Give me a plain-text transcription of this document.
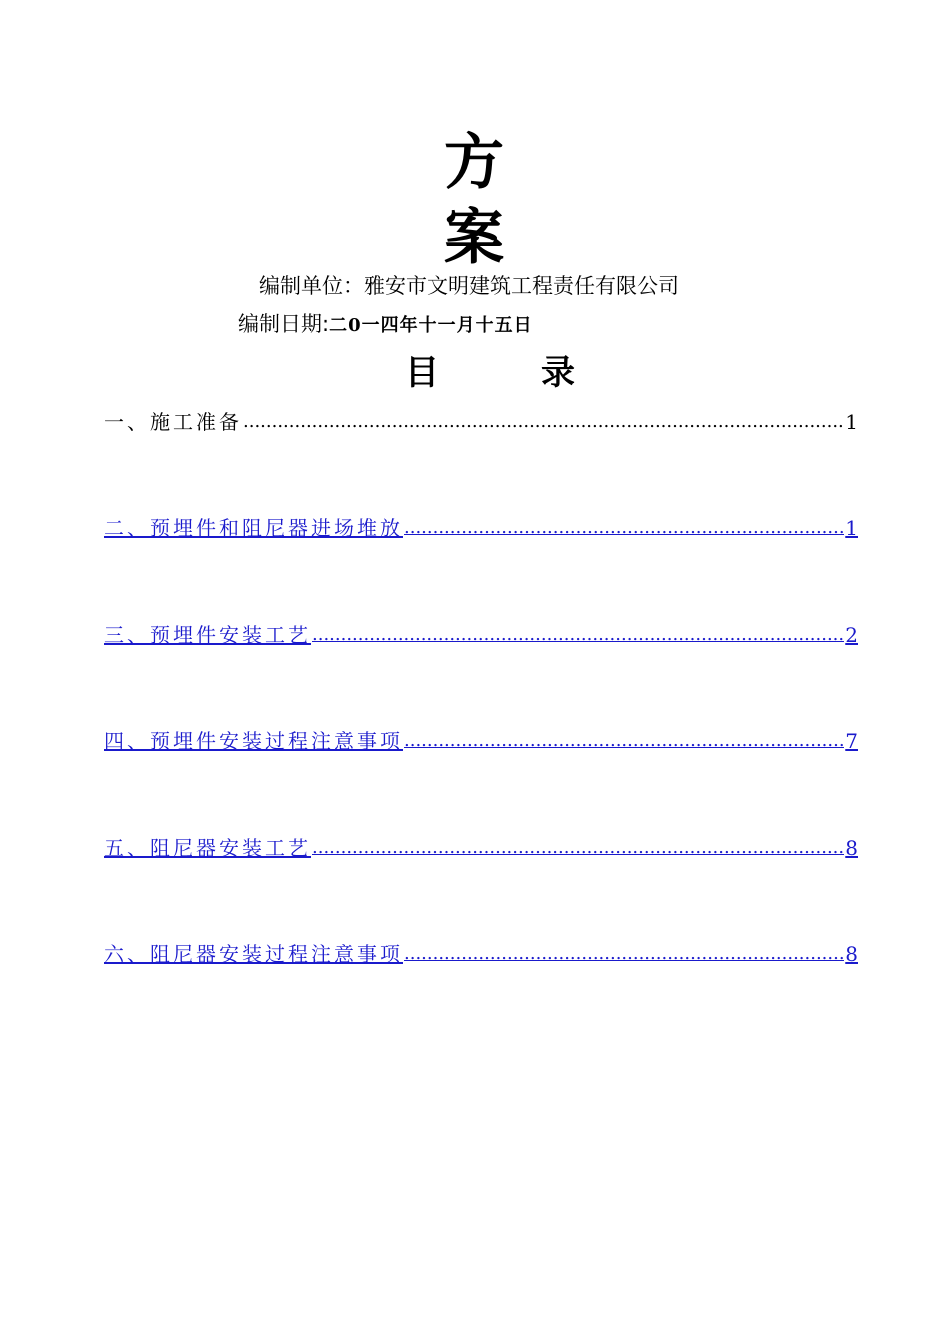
方
案
编制单位：雅安市文明建筑工程责任有限公司
编制日期:二0一四年十一月十五日
目	录
一、施工准备 .....	1
二、预埋件和阻尼器进场堆放 .....	1
三、预埋件安装工艺 .....	2
四、预埋件安装过程注意事项 .....	7
五、阻尼器安装工艺 .....	8
六、阻尼器安装过程注意事项 .....	8
